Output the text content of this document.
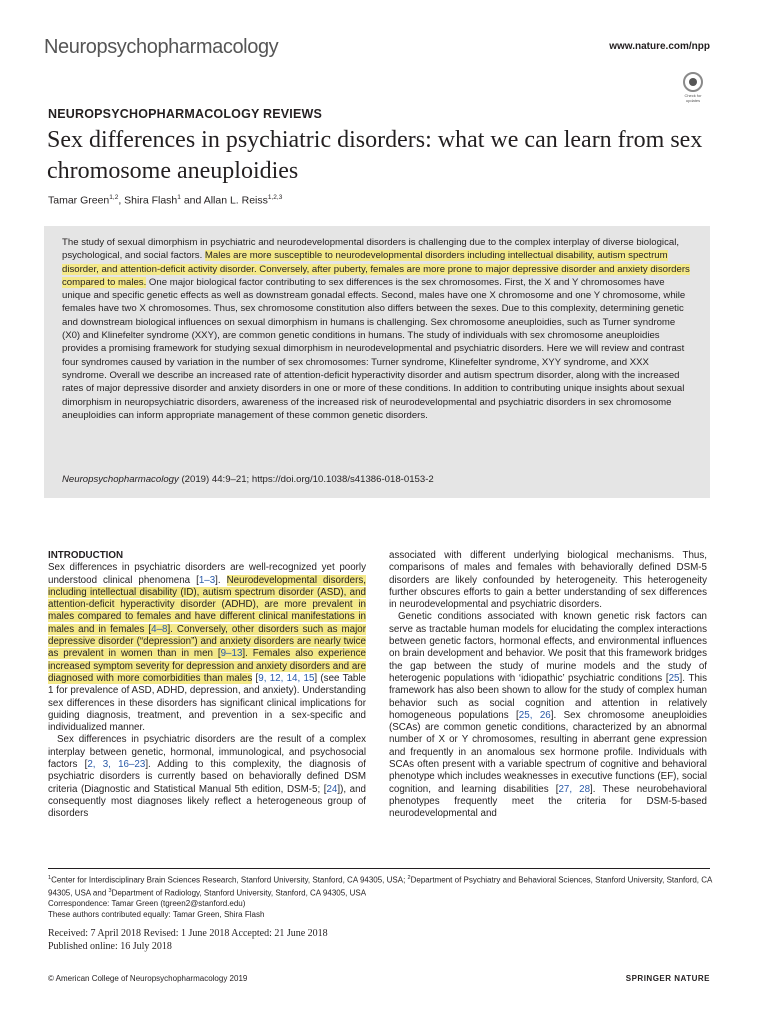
Neuropsychopharmacology	www.nature.com/npp
Check for updates
NEUROPSYCHOPHARMACOLOGY REVIEWS
Sex differences in psychiatric disorders: what we can learn from sex chromosome aneuploidies
Tamar Green$^{1,2}$, Shira Flash$^1$ and Allan L. Reiss$^{1,2,3}$

The study of sexual dimorphism in psychiatric and neurodevelopmental disorders is challenging due to the complex interplay of diverse biological, psychological, and social factors. Males are more susceptible to neurodevelopmental disorders including intellectual disability, autism spectrum disorder, and attention-deficit activity disorder. Conversely, after puberty, females are more prone to major depressive disorder and anxiety disorders compared to males. One major biological factor contributing to sex differences is the sex chromosomes. First, the X and Y chromosomes have unique and specific genetic effects as well as downstream gonadal effects. Second, males have one X chromosome and one Y chromosome, while females have two X chromosomes. Thus, sex chromosome constitution also differs between the sexes. Due to this complexity, determining genetic and downstream biological influences on sexual dimorphism in humans is challenging. Sex chromosome aneuploidies, such as Turner syndrome (X0) and Klinefelter syndrome (XXY), are common genetic conditions in humans. The study of individuals with sex chromosome aneuploidies provides a promising framework for studying sexual dimorphism in neurodevelopmental and psychiatric disorders. Here we will review and contrast four syndromes caused by variation in the number of sex chromosomes: Turner syndrome, Klinefelter syndrome, XYY syndrome, and XXX syndrome. Overall we describe an increased rate of attention-deficit hyperactivity disorder and autism spectrum disorder, along with the increased rates of major depressive disorder and anxiety disorders in one or more of these conditions. In addition to contributing unique insights about sexual dimorphism in neuropsychiatric disorders, awareness of the increased risk of neurodevelopmental and psychiatric disorders in sex chromosome aneuploidies can inform appropriate management of these common genetic disorders.

Neuropsychopharmacology (2019) 44:9–21; https://doi.org/10.1038/s41386-018-0153-2
INTRODUCTION

Sex differences in psychiatric disorders are well-recognized yet poorly understood clinical phenomena [1–3]. Neurodevelopmental disorders, including intellectual disability (ID), autism spectrum disorder (ASD), and attention-deficit hyperactivity disorder (ADHD), are more prevalent in males compared to females and have different clinical manifestations in males and in females [4–8]. Conversely, other disorders such as major depressive disorder (“depression”) and anxiety disorders are nearly twice as prevalent in women than in men [9–13]. Females also experience increased symptom severity for depression and anxiety disorders and are diagnosed with more comorbidities than males [9, 12, 14, 15] (see Table 1 for prevalence of ASD, ADHD, depression, and anxiety). Understanding sex differences in these disorders has significant clinical implications for guiding diagnosis, treatment, and prevention in a sex-specific and individualized manner.

Sex differences in psychiatric disorders are the result of a complex interplay between genetic, hormonal, immunological, and psychosocial factors [2, 3, 16–23]. Adding to this complexity, the diagnosis of psychiatric disorders is currently based on behaviorally defined DSM criteria (Diagnostic and Statistical Manual 5th edition, DSM-5; [24]), and consequently most diagnoses likely reflect a heterogeneous group of disorders

associated with different underlying biological mechanisms. Thus, comparisons of males and females with behaviorally defined DSM-5 disorders are likely confounded by heterogeneity. This heterogeneity further obscures efforts to gain a better understanding of sex differences in neurodevelopmental and psychiatric disorders.

Genetic conditions associated with known genetic risk factors can serve as tractable human models for elucidating the complex interactions between genetic factors, hormonal effects, and environmental influences on brain development and behavior. We posit that this framework bridges the gap between the study of murine models and the study of heterogenic populations with ‘idiopathic’ psychiatric conditions [25]. This framework has also been shown to allow for the study of complex human behavior such as social cognition and attention in relatively homogeneous populations [25, 26]. Sex chromosome aneuploidies (SCAs) are common genetic conditions, characterized by an abnormal number of X or Y chromosomes, resulting in aberrant gene expression and frequently in an anomalous sex hormone profile. Individuals with SCAs often present with a variable spectrum of cognitive and behavioral phenotype which includes weaknesses in executive functions (EF), social cognition, and learning disabilities [27, 28]. These neurobehavioral phenotypes frequently meet the criteria for DSM-5-based neurodevelopmental and

$^1$Center for Interdisciplinary Brain Sciences Research, Stanford University, Stanford, CA 94305, USA; $^2$Department of Psychiatry and Behavioral Sciences, Stanford University, Stanford, CA 94305, USA and $^3$Department of Radiology, Stanford University, Stanford, CA 94305, USA

Correspondence: Tamar Green (tgreen2@stanford.edu)

These authors contributed equally: Tamar Green, Shira Flash

Received: 7 April 2018 Revised: 1 June 2018 Accepted: 21 June 2018

Published online: 16 July 2018

© American College of Neuropsychopharmacology 2019	SPRINGER NATURE
